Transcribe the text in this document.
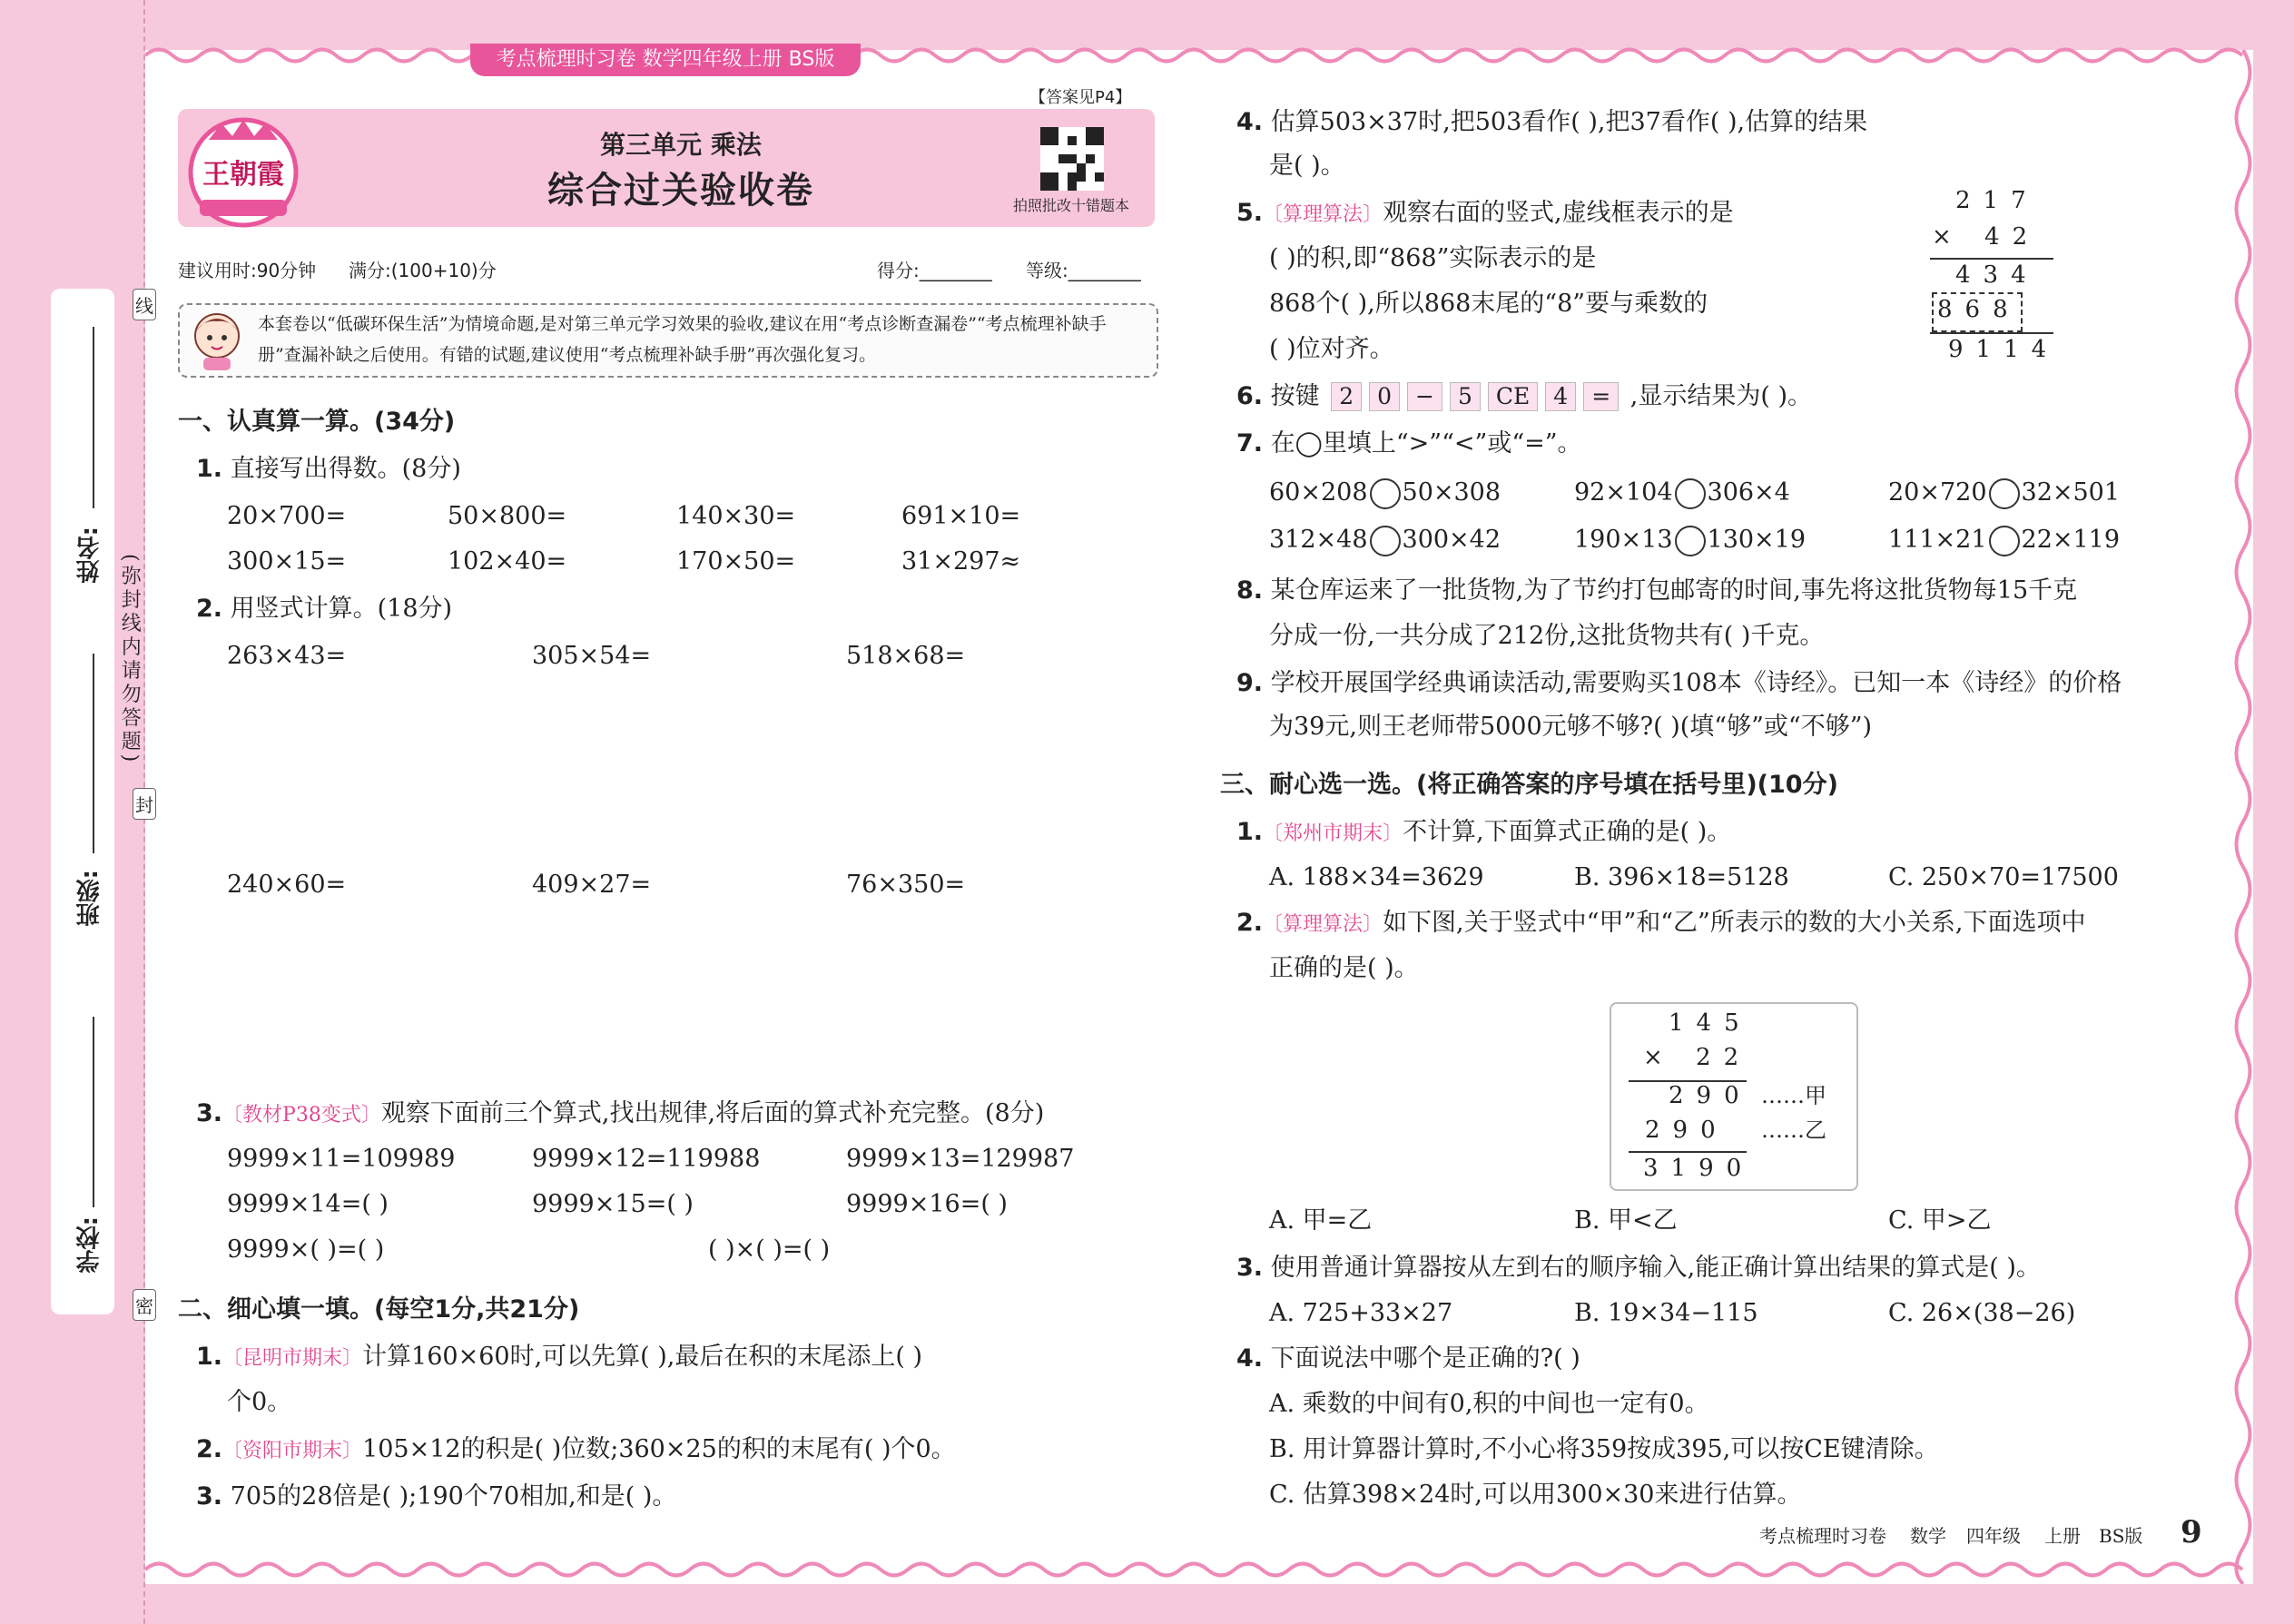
姓名:
班级:
学校:
(弥封线内请勿答题)
线
封
密
考点梳理时习卷 数学四年级上册 BS版
【答案见P4】
王朝霞
第三单元 乘法
综合过关验收卷	拍照批改十错题本
建议用时:90分钟 满分:(100+10)分	得分:________ 等级:________
本套卷以“低碳环保生活”为情境命题,是对第三单元学习效果的验收,建议在用“考点诊断查漏卷”“考点梳理补缺手册”查漏补缺之后使用。有错的试题,建议使用“考点梳理补缺手册”再次强化复习。
一、认真算一算。(34分)
1. 直接写出得数。(8分)
20×700=	50×800=	140×30=	691×10=
300×15=	102×40=	170×50=	31×297≈
2. 用竖式计算。(18分)
263×43=	305×54=	518×68=
240×60=	409×27=	76×350=
3.〔教材P38变式〕观察下面前三个算式,找出规律,将后面的算式补充完整。(8分)
9999×11=109989	9999×12=119988	9999×13=129987
9999×14=( )	9999×15=( )	9999×16=( )
9999×( )=( )	( )×( )=( )
二、细心填一填。(每空1分,共21分)
1.〔昆明市期末〕计算160×60时,可以先算( ),最后在积的末尾添上( )
个0。
2.〔资阳市期末〕105×12的积是( )位数;360×25的积的末尾有( )个0。
3. 705的28倍是( );190个70相加,和是( )。
4. 估算503×37时,把503看作( ),把37看作( ),估算的结果
是( )。
5.〔算理算法〕观察右面的竖式,虚线框表示的是
( )的积,即“868”实际表示的是
868个( ),所以868末尾的“8”要与乘数的
( )位对齐。
217
× 42
434
868
9114
6. 按键 2 0 − 5 CE 4 = ,显示结果为( )。
7. 在◯里填上“>”“<”或“=”。
60×208 50×308	92×104 306×4	20×720 32×501
312×48 300×42	190×13 130×19	111×21 22×119
8. 某仓库运来了一批货物,为了节约打包邮寄的时间,事先将这批货物每15千克
分成一份,一共分成了212份,这批货物共有( )千克。
9. 学校开展国学经典诵读活动,需要购买108本《诗经》。已知一本《诗经》的价格
为39元,则王老师带5000元够不够?( )(填“够”或“不够”)
三、耐心选一选。(将正确答案的序号填在括号里)(10分)
1.〔郑州市期末〕不计算,下面算式正确的是( )。
A. 188×34=3629	B. 396×18=5128	C. 250×70=17500
2.〔算理算法〕如下图,关于竖式中“甲”和“乙”所表示的数的大小关系,下面选项中
正确的是( )。
145
× 22
290 ……甲
290 ……乙
3190
A. 甲=乙	B. 甲<乙	C. 甲>乙
3. 使用普通计算器按从左到右的顺序输入,能正确计算出结果的算式是( )。
A. 725+33×27	B. 19×34−115	C. 26×(38−26)
4. 下面说法中哪个是正确的?( )
A. 乘数的中间有0,积的中间也一定有0。
B. 用计算器计算时,不小心将359按成395,可以按CE键清除。
C. 估算398×24时,可以用300×30来进行估算。
考点梳理时习卷 数学 四年级 上册 BS版 9
